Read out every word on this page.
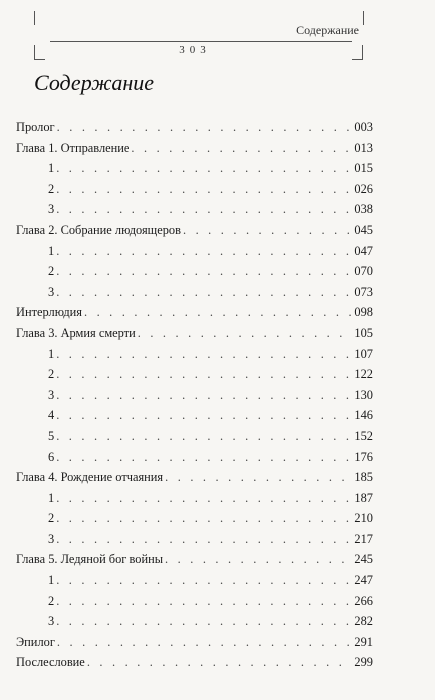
Содержание
303
Содержание
Пролог . . .	003
Глава 1. Отправление . . .	013
1 . . .	015
2 . . .	026
3 . . .	038
Глава 2. Собрание людоящеров . . .	045
1 . . .	047
2 . . .	070
3 . . .	073
Интерлюдия . . .	098
Глава 3. Армия смерти . . .	105
1 . . .	107
2 . . .	122
3 . . .	130
4 . . .	146
5 . . .	152
6 . . .	176
Глава 4. Рождение отчаяния . . .	185
1 . . .	187
2 . . .	210
3 . . .	217
Глава 5. Ледяной бог войны . . .	245
1 . . .	247
2 . . .	266
3 . . .	282
Эпилог . . .	291
Послесловие . . .	299
